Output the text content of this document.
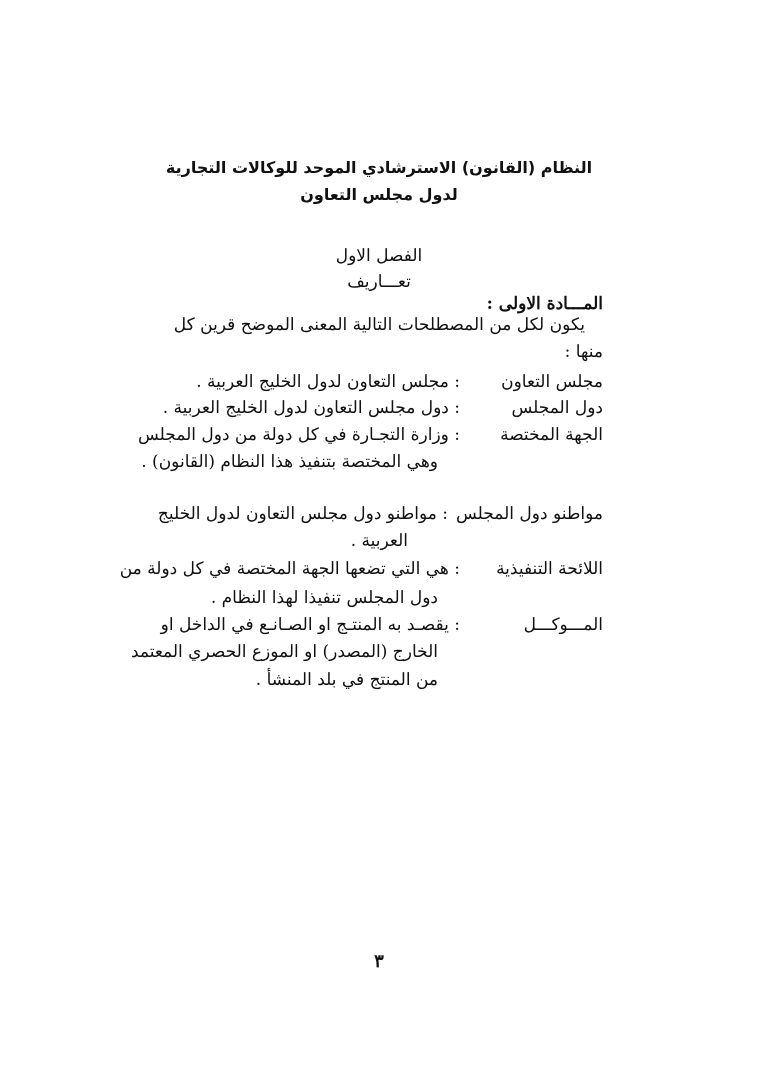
النظام (القانون) الاسترشادي الموحد للوكالات التجارية
لدول مجلس التعاون
الفصل الاول
تعـــاريف
المـــادة الاولى :
يكون لكل من المصطلحات التالية المعنى الموضح قرين كل
منها :
مجلس التعاون
: مجلس التعاون لدول الخليج العربية .
دول المجلس
: دول مجلس التعاون لدول الخليج العربية .
الجهة المختصة
: وزارة التجـارة في كل دولة من دول المجلس
وهي المختصة بتنفيذ هذا النظام (القانون) .
مواطنو دول المجلس
: مواطنو دول مجلس التعاون لدول الخليج
العربية .
اللائحة التنفيذية
: هي التي تضعها الجهة المختصة في كل دولة من
دول المجلس تنفيذا لهذا النظام .
المـــوكـــل
: يقصـد به المنتـج او الصـانـع في الداخل او
الخارج (المصدر) او الموزع الحصري المعتمد
من المنتج في بلد المنشأ .
٣
